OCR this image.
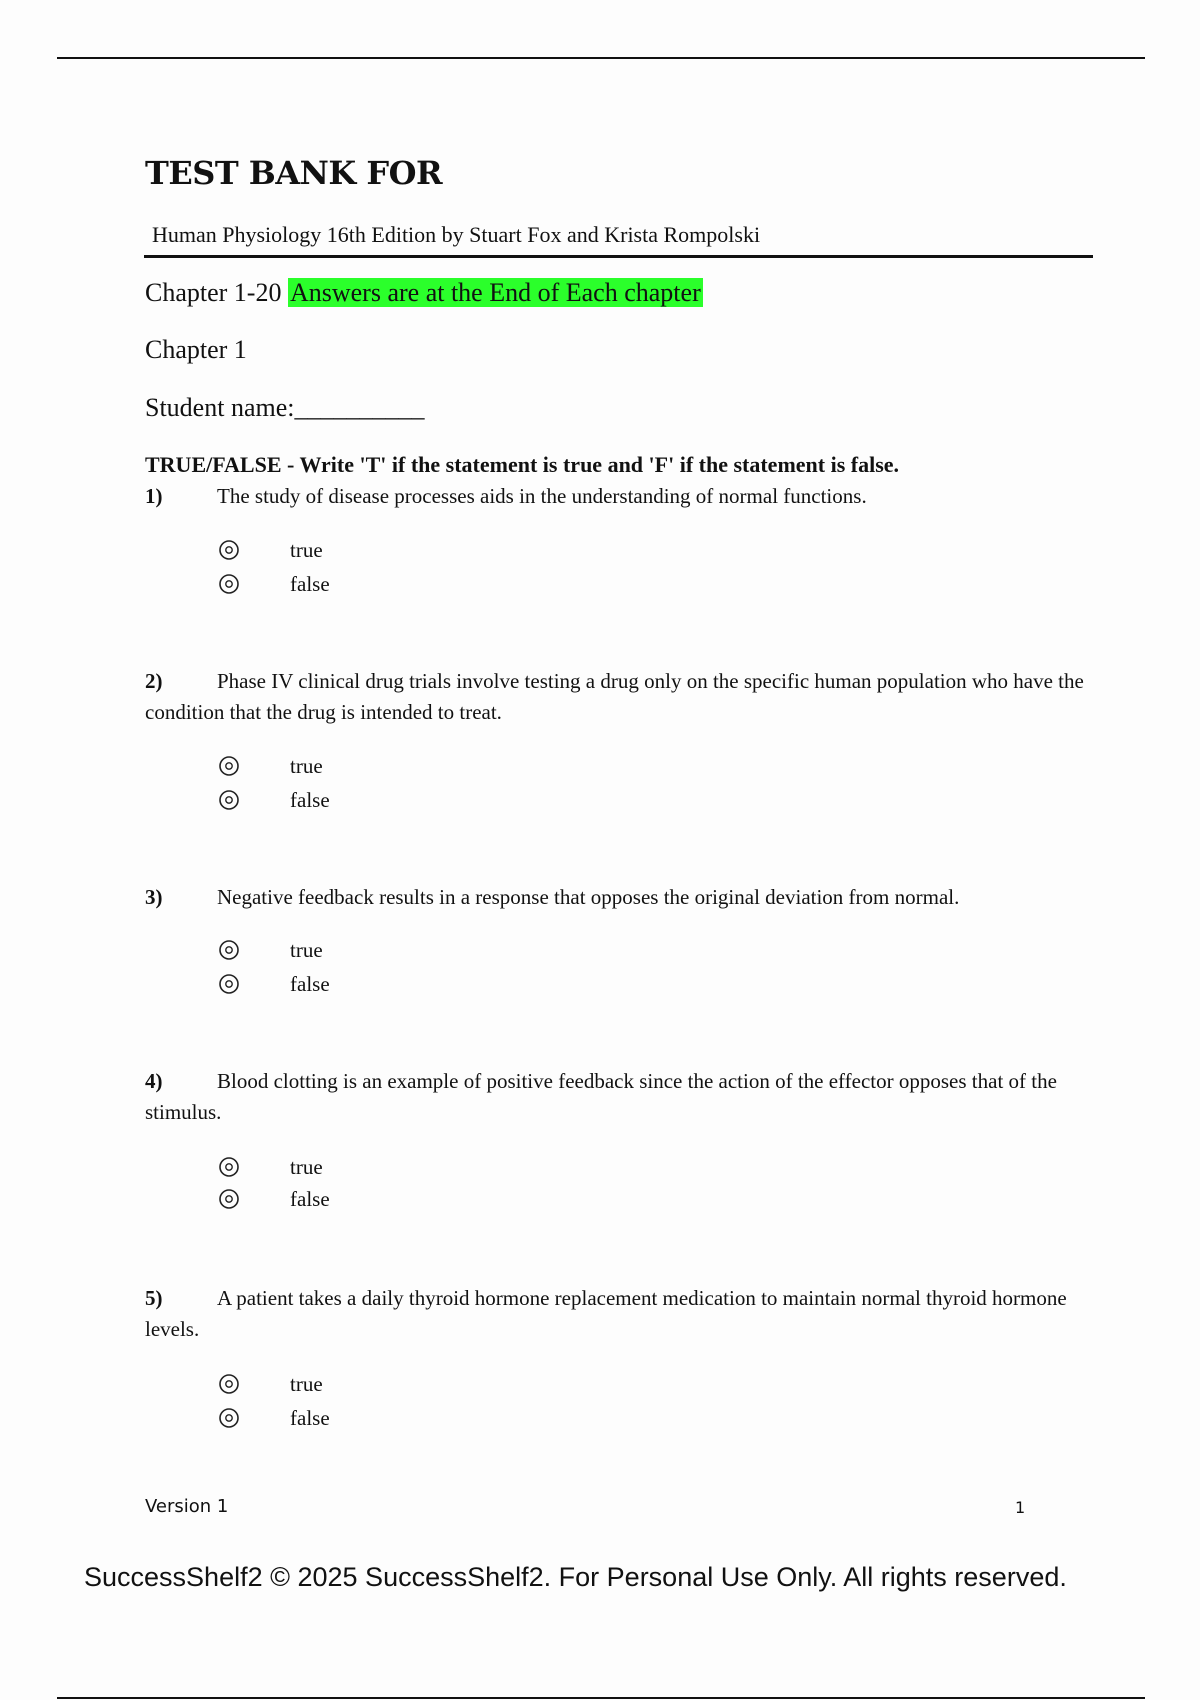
TEST BANK FOR
Human Physiology 16th Edition by Stuart Fox and Krista Rompolski
Chapter 1-20 Answers are at the End of Each chapter
Chapter 1
Student name:__________
TRUE/FALSE - Write 'T' if the statement is true and 'F' if the statement is false.
1)	The study of disease processes aids in the understanding of normal functions.
true
false
2)	Phase IV clinical drug trials involve testing a drug only on the specific human population who have the condition that the drug is intended to treat.
true
false
3)	Negative feedback results in a response that opposes the original deviation from normal.
true
false
4)	Blood clotting is an example of positive feedback since the action of the effector opposes that of the stimulus.
true
false
5)	A patient takes a daily thyroid hormone replacement medication to maintain normal thyroid hormone levels.
true
false
Version 1	1
SuccessShelf2 © 2025 SuccessShelf2. For Personal Use Only. All rights reserved.
